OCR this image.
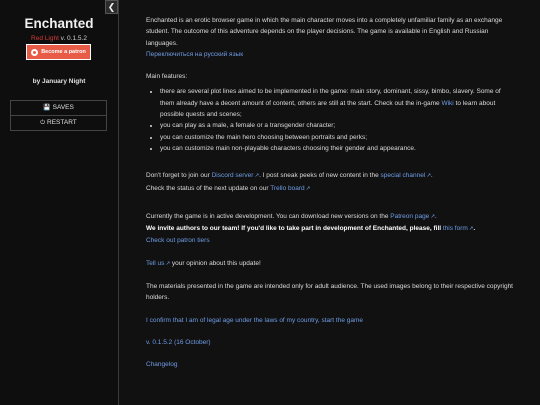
❮
Enchanted
Red Light v. 0.1.5.2
Become a patron
by January Night
💾 SAVES
⏻ RESTART

Enchanted is an erotic browser game in which the main character moves into a completely unfamiliar family as an exchange student. The outcome of this adventure depends on the player decisions. The game is available in English and Russian languages.

Переключиться на русский язык

Main features:

• there are several plot lines aimed to be implemented in the game: main story, dominant, sissy, bimbo, slavery. Some of them already have a decent amount of content, others are still at the start. Check out the in-game Wiki to learn about possible quests and scenes;
• you can play as a male, a female or a transgender character;
• you can customize the main hero choosing between portraits and perks;
• you can customize main non-playable characters choosing their gender and appearance.

Don't forget to join our Discord server↗. I post sneak peeks of new content in the special channel↗.

Check the status of the next update on our Trello board↗

Currently the game is in active development. You can download new versions on the Patreon page↗.

We invite authors to our team! If you'd like to take part in development of Enchanted, please, fill this form↗.

Check out patron tiers

Tell us↗ your opinion about this update!

The materials presented in the game are intended only for adult audience. The used images belong to their respective copyright holders.

I confirm that I am of legal age under the laws of my country, start the game

v. 0.1.5.2 (16 October)

Changelog
